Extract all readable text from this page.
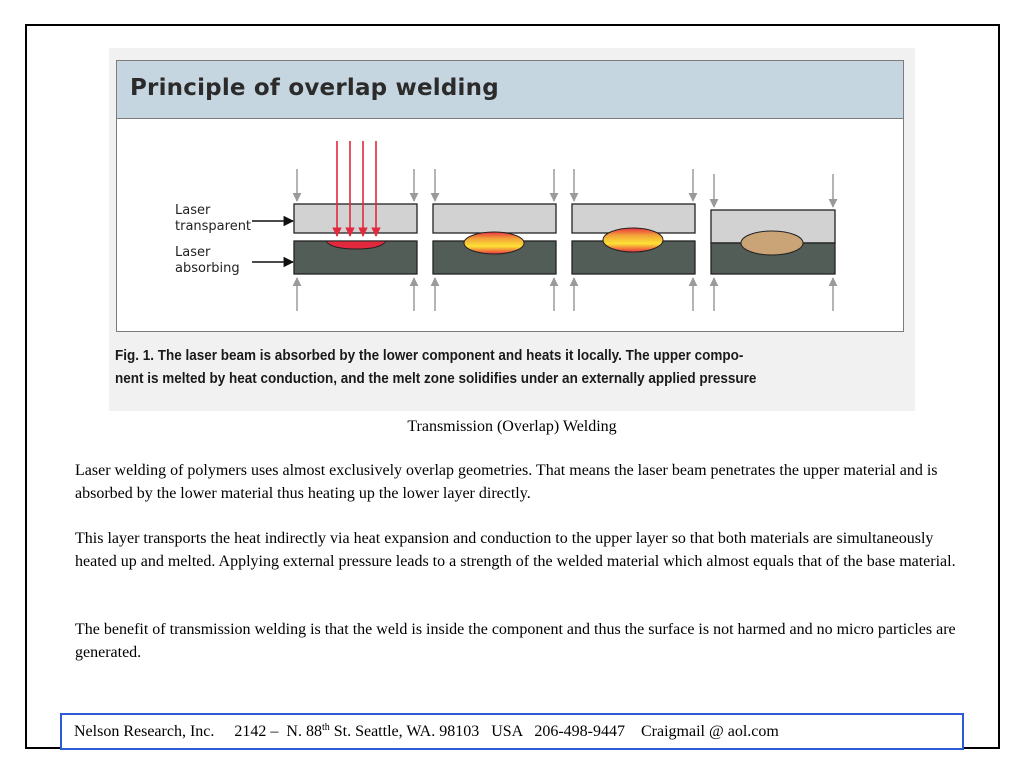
Principle of overlap welding
Laser
transparent
Laser
absorbing
Fig. 1. The laser beam is absorbed by the lower component and heats it locally. The upper compo-
nent is melted by heat conduction, and the melt zone solidifies under an externally applied pressure
Transmission (Overlap) Welding

Laser welding of polymers uses almost exclusively overlap geometries. That means the laser beam penetrates the upper material and is absorbed by the lower material thus heating up the lower layer directly.

This layer transports the heat indirectly via heat expansion and conduction to the upper layer so that both materials are simultaneously heated up and melted. Applying external pressure leads to a strength of the welded material which almost equals that of the base material.

The benefit of transmission welding is that the weld is inside the component and thus the surface is not harmed and no micro particles are generated.

Nelson Research, Inc. 2142 –  N. 88th St. Seattle, WA. 98103 USA 206-498-9447 Craigmail @ aol.com
